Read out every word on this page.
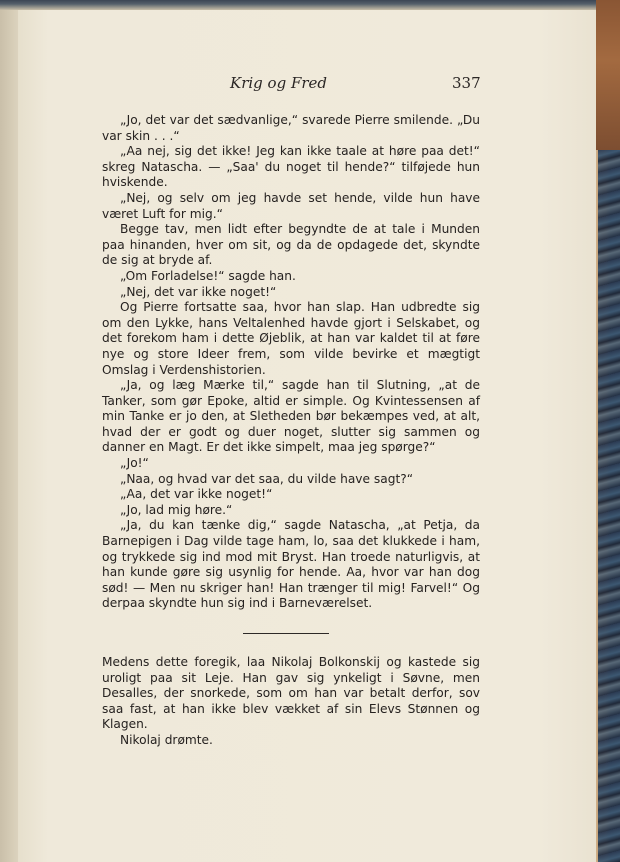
Krig og Fred	337

„Jo, det var det sædvanlige,“ svarede Pierre smilende. „Du var skin . . .“

„Aa nej, sig det ikke! Jeg kan ikke taale at høre paa det!“ skreg Natascha. — „Saa' du noget til hende?“ tilføjede hun hviskende.

„Nej, og selv om jeg havde set hende, vilde hun have været Luft for mig.“

Begge tav, men lidt efter begyndte de at tale i Munden paa hinanden, hver om sit, og da de opdagede det, skyndte de sig at bryde af.

„Om Forladelse!“ sagde han.

„Nej, det var ikke noget!“

Og Pierre fortsatte saa, hvor han slap. Han udbredte sig om den Lykke, hans Veltalenhed havde gjort i Selskabet, og det forekom ham i dette Øjeblik, at han var kaldet til at føre nye og store Ideer frem, som vilde bevirke et mægtigt Omslag i Verdenshistorien.

„Ja, og læg Mærke til,“ sagde han til Slutning, „at de Tanker, som gør Epoke, altid er simple. Og Kvintessensen af min Tanke er jo den, at Sletheden bør bekæmpes ved, at alt, hvad der er godt og duer noget, slutter sig sammen og danner en Magt. Er det ikke simpelt, maa jeg spørge?“

„Jo!“

„Naa, og hvad var det saa, du vilde have sagt?“

„Aa, det var ikke noget!“

„Jo, lad mig høre.“

„Ja, du kan tænke dig,“ sagde Natascha, „at Petja, da Barnepigen i Dag vilde tage ham, lo, saa det klukkede i ham, og trykkede sig ind mod mit Bryst. Han troede naturligvis, at han kunde gøre sig usynlig for hende. Aa, hvor var han dog sød! — Men nu skriger han! Han trænger til mig! Farvel!“ Og derpaa skyndte hun sig ind i Barneværelset.

Medens dette foregik, laa Nikolaj Bolkonskij og kastede sig uroligt paa sit Leje. Han gav sig ynkeligt i Søvne, men Desalles, der snorkede, som om han var betalt derfor, sov saa fast, at han ikke blev vækket af sin Elevs Stønnen og Klagen.

Nikolaj drømte.
